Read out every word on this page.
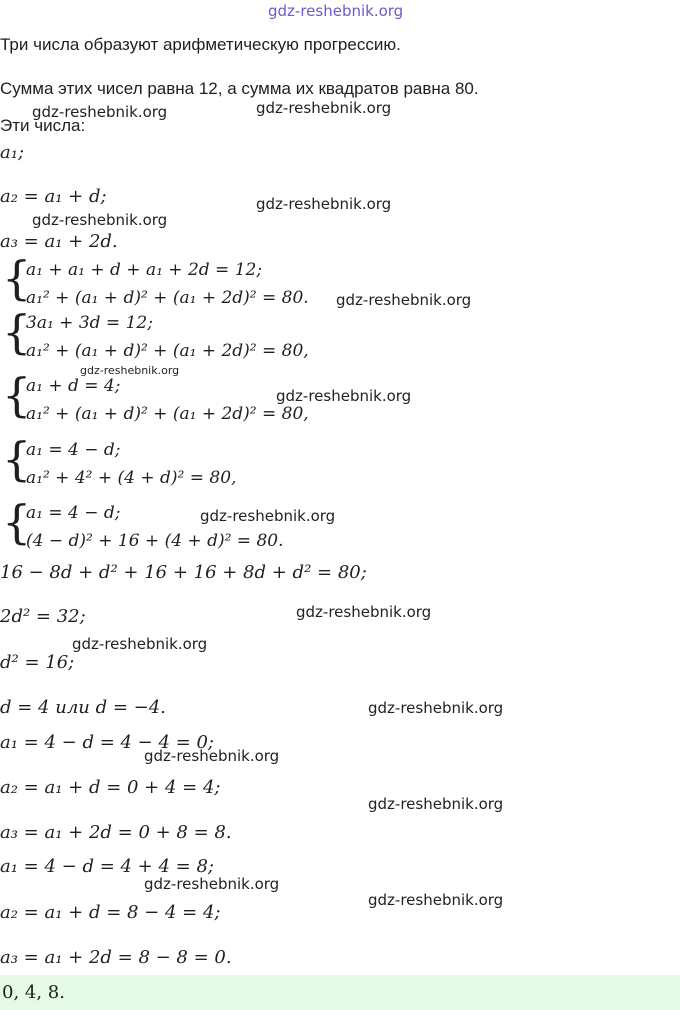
gdz-reshebnik.org
Три числа образуют арифметическую прогрессию.
Сумма этих чисел равна 12, а сумма их квадратов равна 80.
Эти числа:
a₁;
a₂ = a₁ + d;
a₃ = a₁ + 2d.
{
a₁ + a₁ + d + a₁ + 2d = 12;
a₁² + (a₁ + d)² + (a₁ + 2d)² = 80.
{
3a₁ + 3d = 12;
a₁² + (a₁ + d)² + (a₁ + 2d)² = 80,
{
a₁ + d = 4;
a₁² + (a₁ + d)² + (a₁ + 2d)² = 80,
{
a₁ = 4 − d;
a₁² + 4² + (4 + d)² = 80,
{
a₁ = 4 − d;
(4 − d)² + 16 + (4 + d)² = 80.
16 − 8d + d² + 16 + 16 + 8d + d² = 80;
2d² = 32;
d² = 16;
d = 4 или d = −4.
a₁ = 4 − d = 4 − 4 = 0;
a₂ = a₁ + d = 0 + 4 = 4;
a₃ = a₁ + 2d = 0 + 8 = 8.
a₁ = 4 − d = 4 + 4 = 8;
a₂ = a₁ + d = 8 − 4 = 4;
a₃ = a₁ + 2d = 8 − 8 = 0.
0, 4, 8.
gdz-reshebnik.org	gdz-reshebnik.org
gdz-reshebnik.org
gdz-reshebnik.org
gdz-reshebnik.org
gdz-reshebnik.org
gdz-reshebnik.org
gdz-reshebnik.org
gdz-reshebnik.org
gdz-reshebnik.org
gdz-reshebnik.org
gdz-reshebnik.org
gdz-reshebnik.org
gdz-reshebnik.org
gdz-reshebnik.org
